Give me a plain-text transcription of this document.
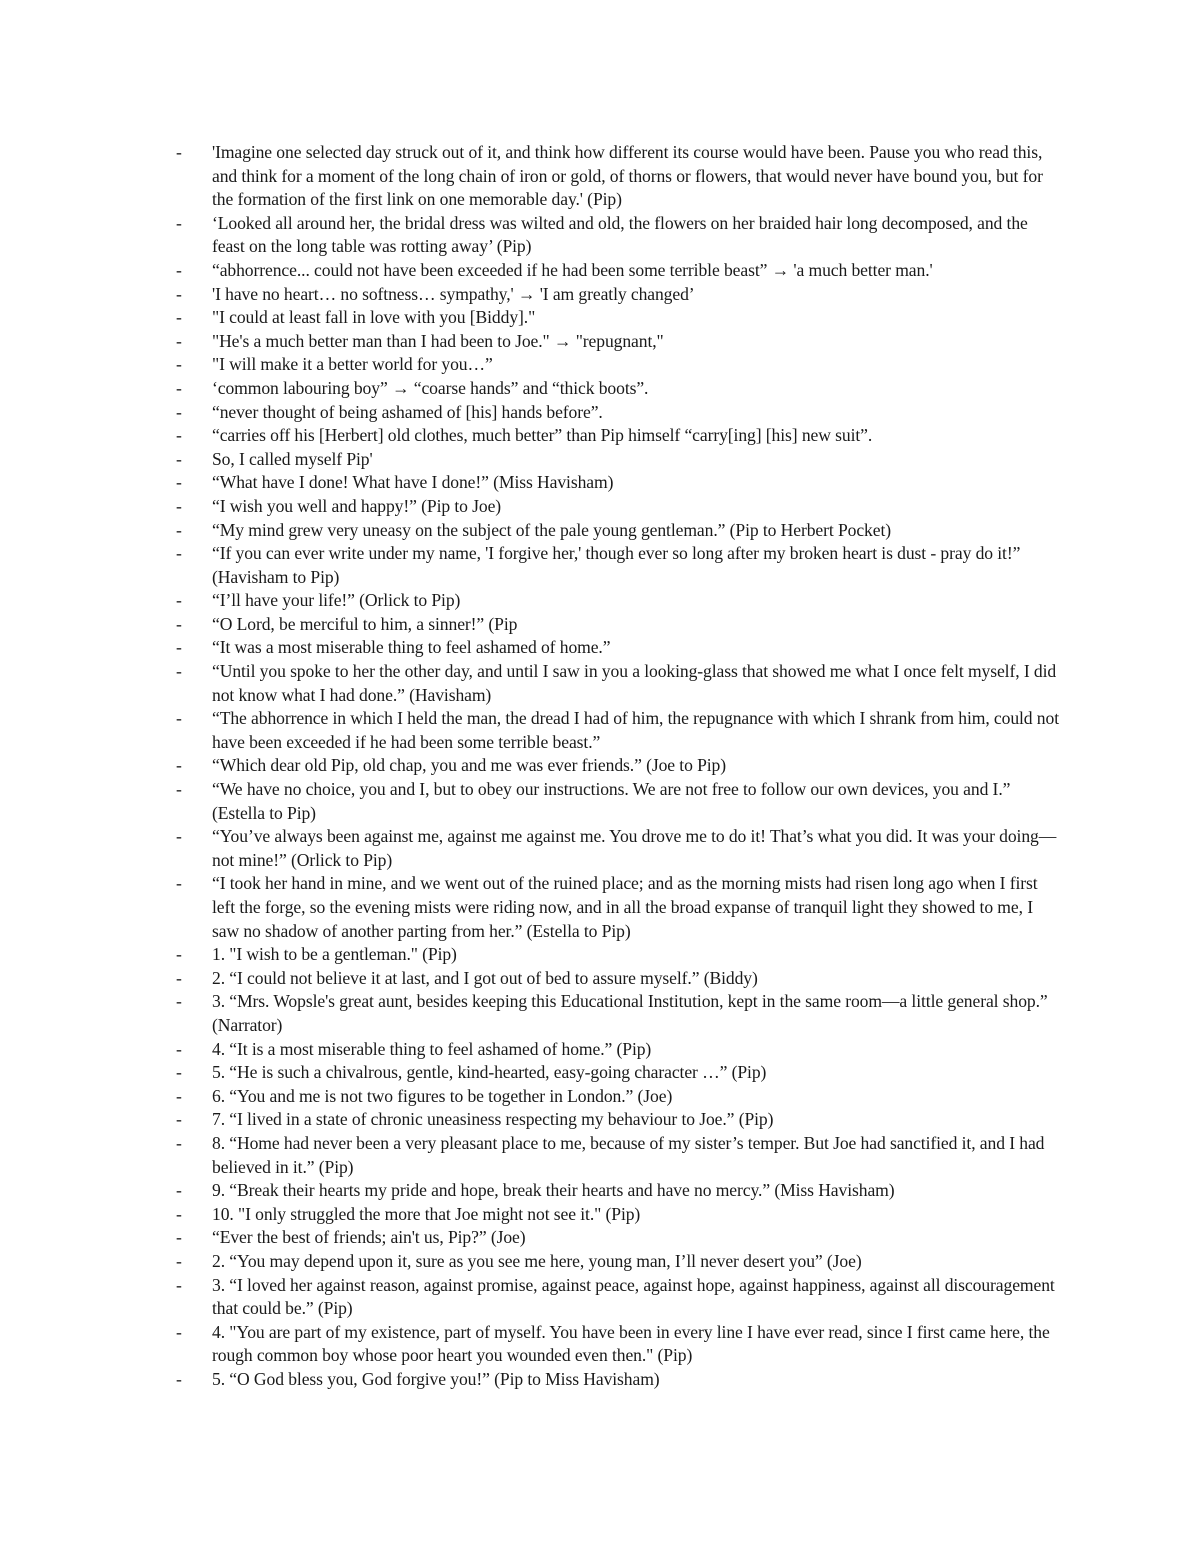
-	'Imagine one selected day struck out of it, and think how different its course would have been. Pause you who read this, and think for a moment of the long chain of iron or gold, of thorns or flowers, that would never have bound you, but for the formation of the first link on one memorable day.' (Pip)
-	‘Looked all around her, the bridal dress was wilted and old, the flowers on her braided hair long decomposed, and the feast on the long table was rotting away’ (Pip)
-	“abhorrence... could not have been exceeded if he had been some terrible beast” → 'a much better man.'
-	'I have no heart… no softness… sympathy,' → 'I am greatly changed’
-	"I could at least fall in love with you [Biddy]."
-	"He's a much better man than I had been to Joe." → "repugnant,"
-	"I will make it a better world for you…”
-	‘common labouring boy” → “coarse hands” and “thick boots”.
-	“never thought of being ashamed of [his] hands before”.
-	“carries off his [Herbert] old clothes, much better” than Pip himself “carry[ing] [his] new suit”.
-	So, I called myself Pip'
-	“What have I done! What have I done!” (Miss Havisham)
-	“I wish you well and happy!” (Pip to Joe)
-	“My mind grew very uneasy on the subject of the pale young gentleman.” (Pip to Herbert Pocket)
-	“If you can ever write under my name, 'I forgive her,' though ever so long after my broken heart is dust - pray do it!” (Havisham to Pip)
-	“I’ll have your life!” (Orlick to Pip)
-	“O Lord, be merciful to him, a sinner!” (Pip
-	“It was a most miserable thing to feel ashamed of home.”
-	“Until you spoke to her the other day, and until I saw in you a looking-glass that showed me what I once felt myself, I did not know what I had done.” (Havisham)
-	“The abhorrence in which I held the man, the dread I had of him, the repugnance with which I shrank from him, could not have been exceeded if he had been some terrible beast.”
-	“Which dear old Pip, old chap, you and me was ever friends.” (Joe to Pip)
-	“We have no choice, you and I, but to obey our instructions. We are not free to follow our own devices, you and I.” (Estella to Pip)
-	“You’ve always been against me, against me against me. You drove me to do it! That’s what you did. It was your doing—not mine!” (Orlick to Pip)
-	“I took her hand in mine, and we went out of the ruined place; and as the morning mists had risen long ago when I first left the forge, so the evening mists were riding now, and in all the broad expanse of tranquil light they showed to me, I saw no shadow of another parting from her.” (Estella to Pip)
-	1. "I wish to be a gentleman." (Pip)
-	2. “I could not believe it at last, and I got out of bed to assure myself.” (Biddy)
-	3. “Mrs. Wopsle's great aunt, besides keeping this Educational Institution, kept in the same room—a little general shop.” (Narrator)
-	4. “It is a most miserable thing to feel ashamed of home.” (Pip)
-	5. “He is such a chivalrous, gentle, kind-hearted, easy-going character …” (Pip)
-	6. “You and me is not two figures to be together in London.” (Joe)
-	7. “I lived in a state of chronic uneasiness respecting my behaviour to Joe.” (Pip)
-	8. “Home had never been a very pleasant place to me, because of my sister’s temper. But Joe had sanctified it, and I had believed in it.” (Pip)
-	9. “Break their hearts my pride and hope, break their hearts and have no mercy.” (Miss Havisham)
-	10. "I only struggled the more that Joe might not see it." (Pip)
-	“Ever the best of friends; ain't us, Pip?” (Joe)
-	2. “You may depend upon it, sure as you see me here, young man, I’ll never desert you” (Joe)
-	3. “I loved her against reason, against promise, against peace, against hope, against happiness, against all discouragement that could be.” (Pip)
-	4. "You are part of my existence, part of myself. You have been in every line I have ever read, since I first came here, the rough common boy whose poor heart you wounded even then." (Pip)
-	5. “O God bless you, God forgive you!” (Pip to Miss Havisham)
